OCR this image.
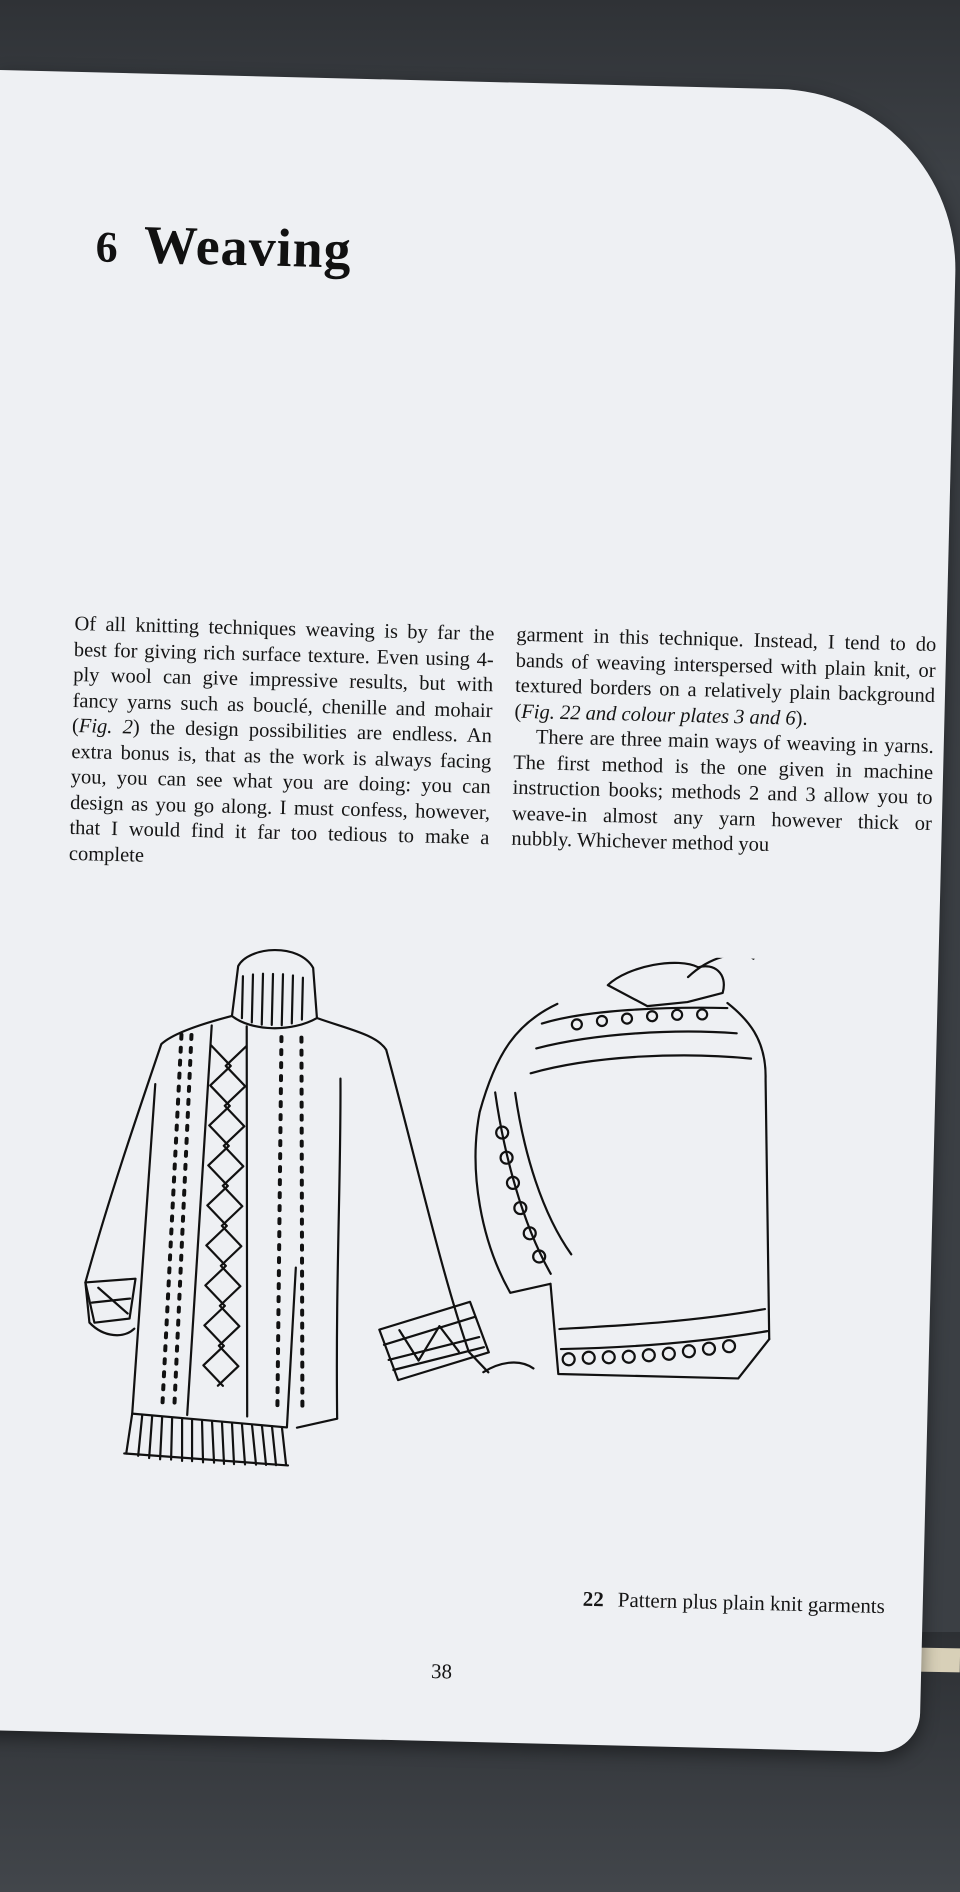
6 Weaving

Of all knitting techniques weaving is by far the best for giving rich surface texture. Even using 4-ply wool can give impressive results, but with fancy yarns such as bouclé, chenille and mohair (Fig. 2) the design possibilities are endless. An extra bonus is, that as the work is always facing you, you can see what you are doing: you can design as you go along. I must confess, however, that I would find it far too tedious to make a complete

garment in this technique. Instead, I tend to do bands of weaving interspersed with plain knit, or textured borders on a relatively plain background (Fig. 22 and colour plates 3 and 6).

There are three main ways of weaving in yarns. The first method is the one given in machine instruction books; methods 2 and 3 allow you to weave-in almost any yarn however thick or nubbly. Whichever method you

22 Pattern plus plain knit garments
38
